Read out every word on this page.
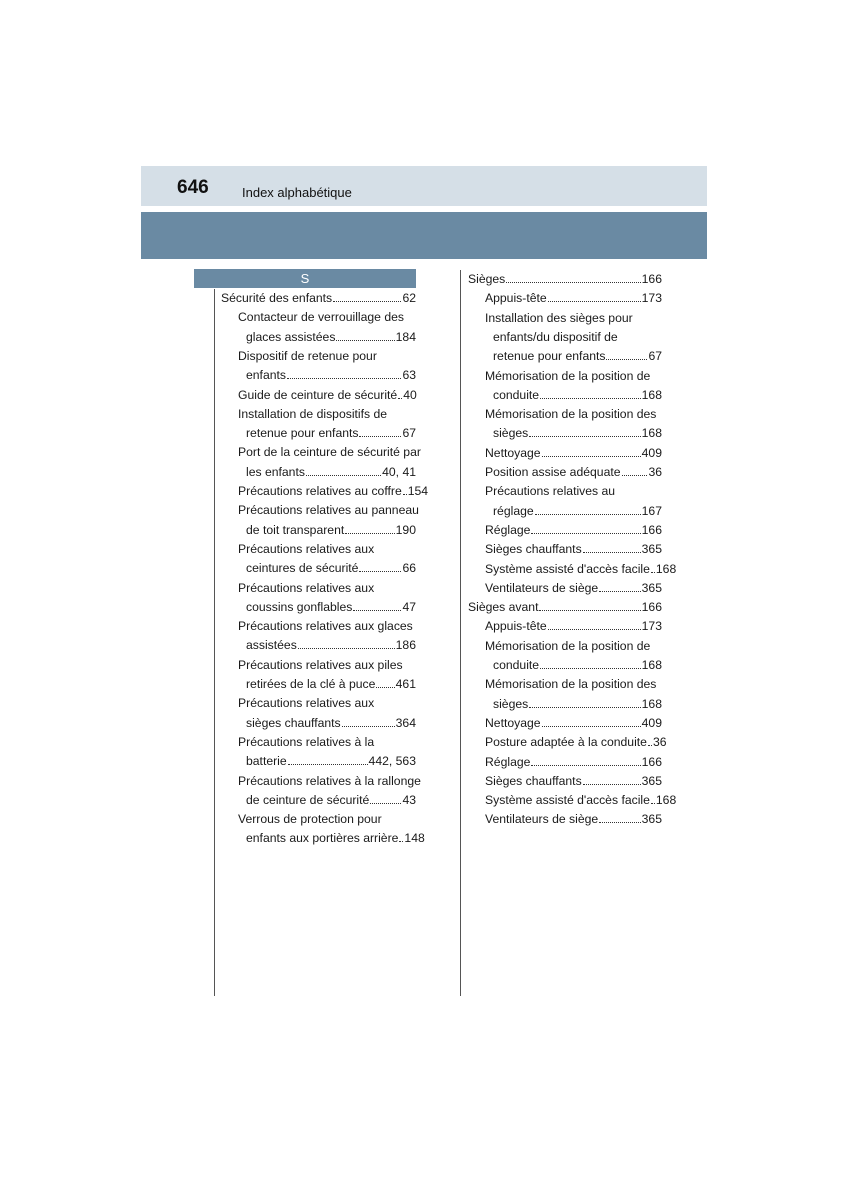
646	Index alphabétique
S
Sécurité des enfants	62
Contacteur de verrouillage des
glaces assistées	184
Dispositif de retenue pour
enfants	63
Guide de ceinture de sécurité 40
Installation de dispositifs de
retenue pour enfants	67
Port de la ceinture de sécurité par
les enfants	40, 41
Précautions relatives au coffre 154
Précautions relatives au panneau
de toit transparent	190
Précautions relatives aux
ceintures de sécurité	66
Précautions relatives aux
coussins gonflables	47
Précautions relatives aux glaces
assistées	186
Précautions relatives aux piles
retirées de la clé à puce 461
Précautions relatives aux
sièges chauffants	364
Précautions relatives à la
batterie	442, 563
Précautions relatives à la rallonge
de ceinture de sécurité	43
Verrous de protection pour
enfants aux portières arrière 148
Sièges	166
Appuis-tête	173
Installation des sièges pour
enfants/du dispositif de
retenue pour enfants	67
Mémorisation de la position de
conduite	168
Mémorisation de la position des
sièges	168
Nettoyage	409
Position assise adéquate 36
Précautions relatives au
réglage	167
Réglage	166
Sièges chauffants	365
Système assisté d'accès facile 168
Ventilateurs de siège	365
Sièges avant	166
Appuis-tête	173
Mémorisation de la position de
conduite	168
Mémorisation de la position des
sièges	168
Nettoyage	409
Posture adaptée à la conduite 36
Réglage	166
Sièges chauffants	365
Système assisté d'accès facile 168
Ventilateurs de siège	365
